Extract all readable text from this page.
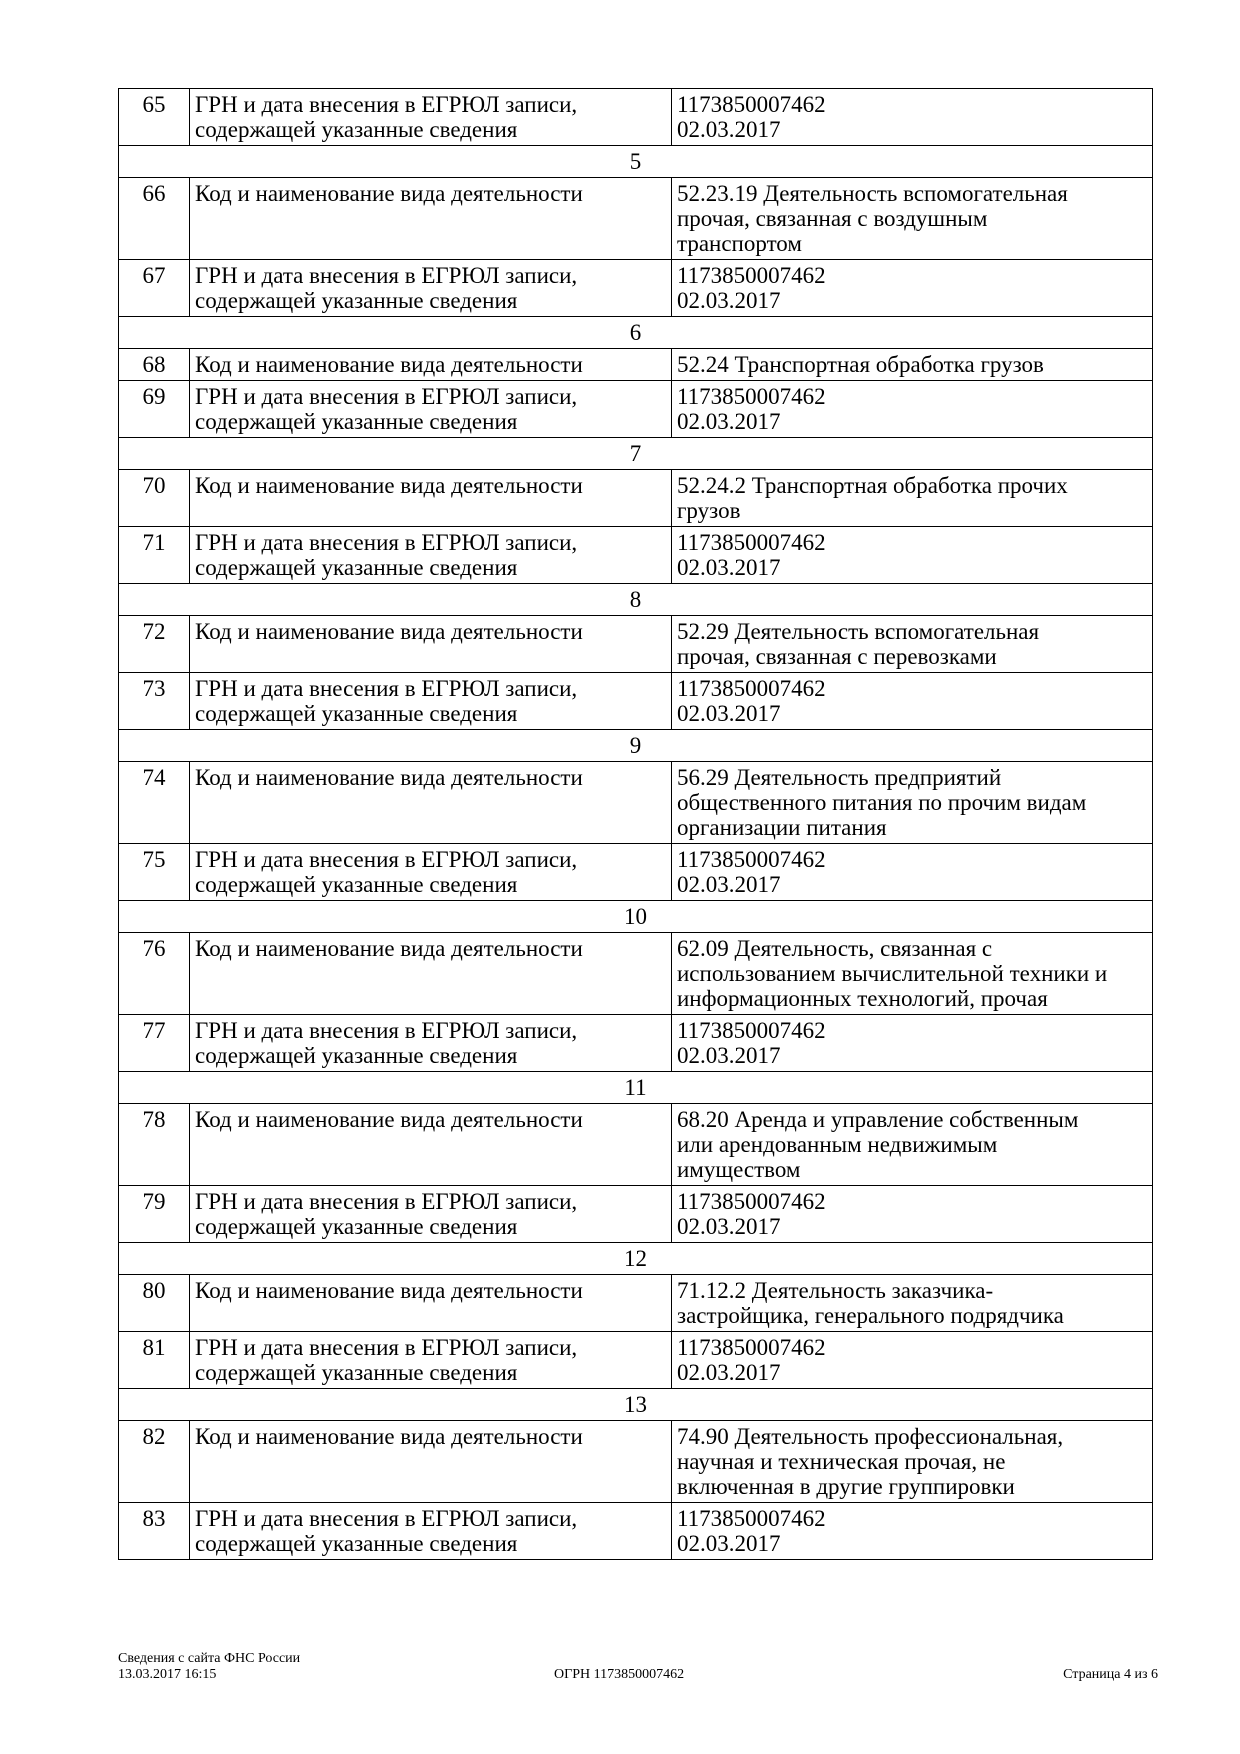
65	ГРН и дата внесения в ЕГРЮЛ записи,
содержащей указанные сведения	1173850007462
02.03.2017

5		
66	Код и наименование вида деятельности	52.23.19 Деятельность вспомогательная
прочая, связанная с воздушным
транспортом

67	ГРН и дата внесения в ЕГРЮЛ записи,
содержащей указанные сведения	1173850007462
02.03.2017

6		
68	Код и наименование вида деятельности	52.24 Транспортная обработка грузов

69	ГРН и дата внесения в ЕГРЮЛ записи,
содержащей указанные сведения	1173850007462
02.03.2017

7		
70	Код и наименование вида деятельности	52.24.2 Транспортная обработка прочих
грузов

71	ГРН и дата внесения в ЕГРЮЛ записи,
содержащей указанные сведения	1173850007462
02.03.2017

8		
72	Код и наименование вида деятельности	52.29 Деятельность вспомогательная
прочая, связанная с перевозками

73	ГРН и дата внесения в ЕГРЮЛ записи,
содержащей указанные сведения	1173850007462
02.03.2017

9		
74	Код и наименование вида деятельности	56.29 Деятельность предприятий
общественного питания по прочим видам
организации питания

75	ГРН и дата внесения в ЕГРЮЛ записи,
содержащей указанные сведения	1173850007462
02.03.2017

10		
76	Код и наименование вида деятельности	62.09 Деятельность, связанная с
использованием вычислительной техники и
информационных технологий, прочая

77	ГРН и дата внесения в ЕГРЮЛ записи,
содержащей указанные сведения	1173850007462
02.03.2017

11		
78	Код и наименование вида деятельности	68.20 Аренда и управление собственным
или арендованным недвижимым
имуществом

79	ГРН и дата внесения в ЕГРЮЛ записи,
содержащей указанные сведения	1173850007462
02.03.2017

12		
80	Код и наименование вида деятельности	71.12.2 Деятельность заказчика-
застройщика, генерального подрядчика

81	ГРН и дата внесения в ЕГРЮЛ записи,
содержащей указанные сведения	1173850007462
02.03.2017

13		
82	Код и наименование вида деятельности	74.90 Деятельность профессиональная,
научная и техническая прочая, не
включенная в другие группировки

83	ГРН и дата внесения в ЕГРЮЛ записи,
содержащей указанные сведения	1173850007462
02.03.2017
Сведения с сайта ФНС России
13.03.2017 16:15	ОГРН 1173850007462	Страница 4 из 6
